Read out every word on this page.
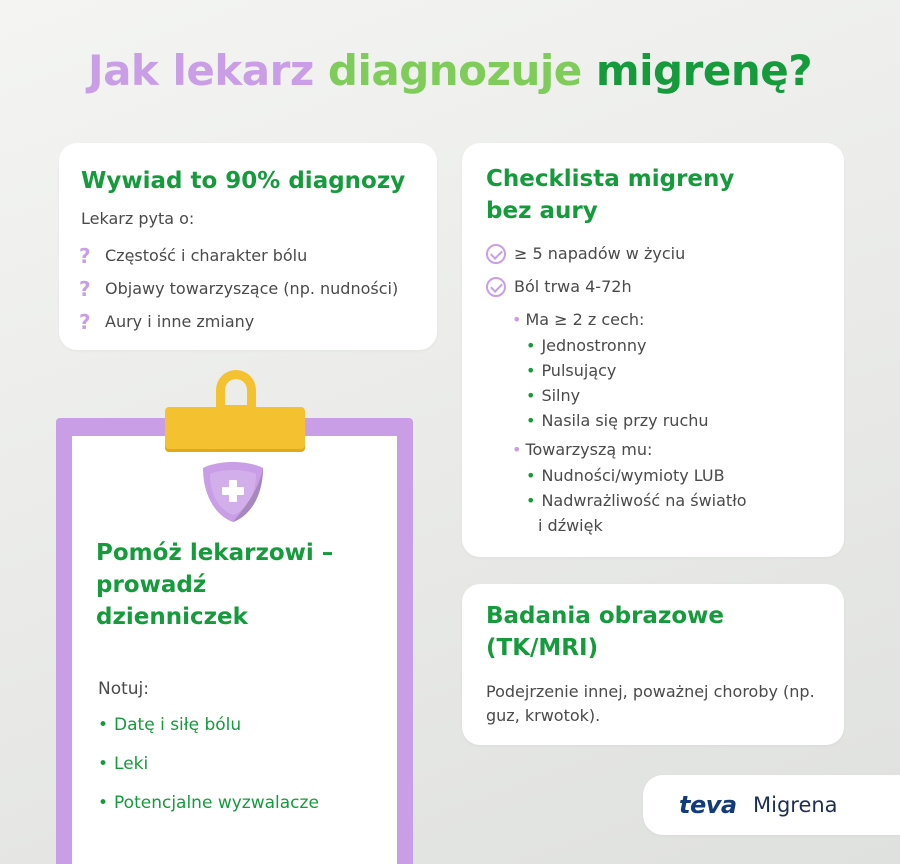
Jak lekarz diagnozuje migrenę?
Wywiad to 90% diagnozy
Lekarz pyta o:
? Częstość i charakter bólu
? Objawy towarzyszące (np. nudności)
? Aury i inne zmiany
Checklista migreny bez aury
≥ 5 napadów w życiu
Ból trwa 4-72h
• Ma ≥ 2 z cech:
• Jednostronny
• Pulsujący
• Silny
• Nasila się przy ruchu
• Towarzyszą mu:
• Nudności/wymioty LUB
• Nadwrażliwość na światło
i dźwięk
Badania obrazowe (TK/MRI)
Podejrzenie innej, poważnej choroby (np. guz, krwotok).
teva Migrena
Pomóż lekarzowi – prowadź dzienniczek
Notuj:
• Datę i siłę bólu
• Leki
• Potencjalne wyzwalacze
